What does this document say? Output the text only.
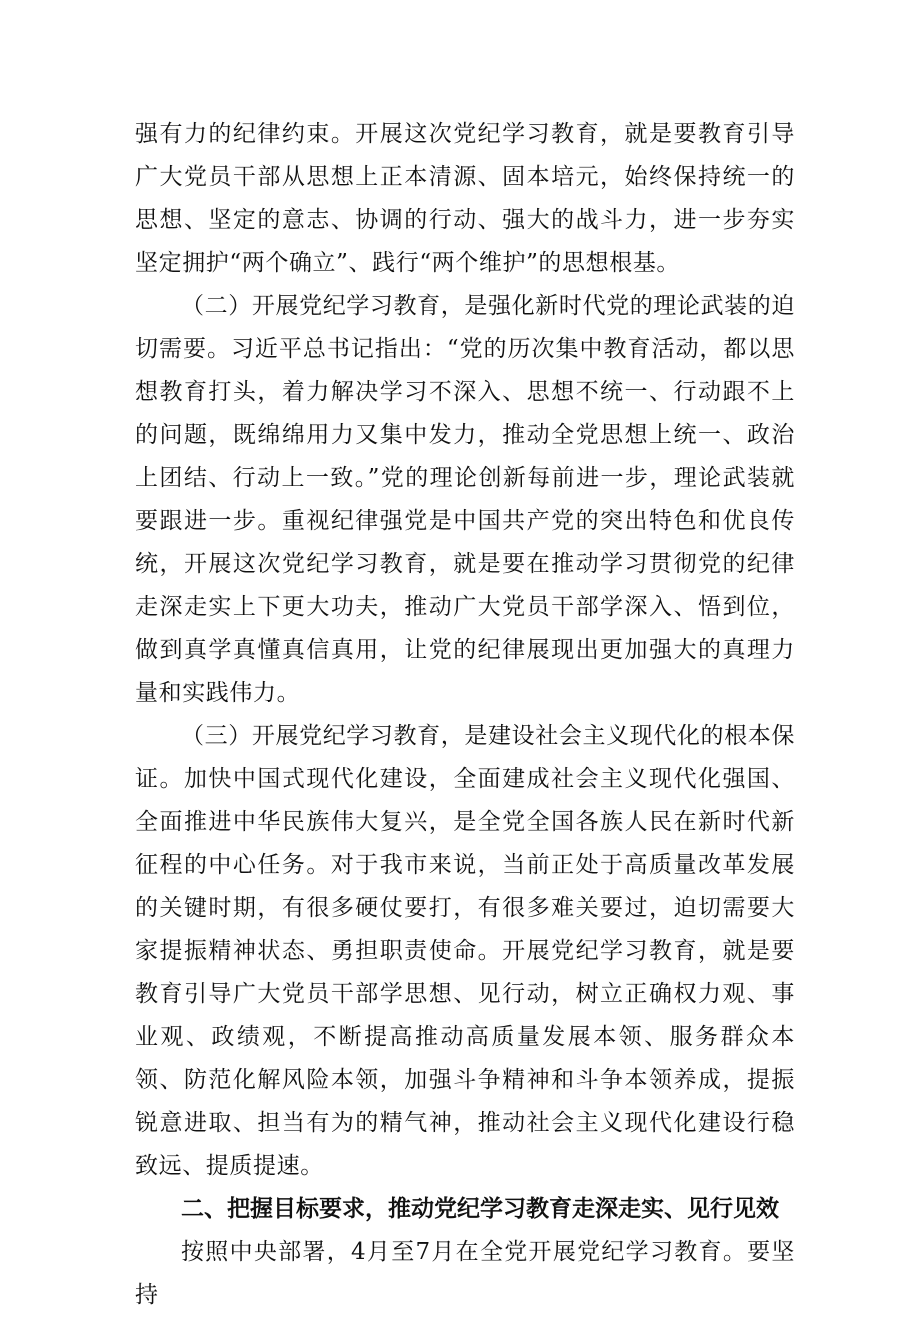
强有力的纪律约束。开展这次党纪学习教育，就是要教育引导广大党员干部从思想上正本清源、固本培元，始终保持统一的思想、坚定的意志、协调的行动、强大的战斗力，进一步夯实坚定拥护“两个确立”、践行“两个维护”的思想根基。

（二）开展党纪学习教育，是强化新时代党的理论武装的迫切需要。习近平总书记指出：“党的历次集中教育活动，都以思想教育打头，着力解决学习不深入、思想不统一、行动跟不上的问题，既绵绵用力又集中发力，推动全党思想上统一、政治上团结、行动上一致。”党的理论创新每前进一步，理论武装就要跟进一步。重视纪律强党是中国共产党的突出特色和优良传统，开展这次党纪学习教育，就是要在推动学习贯彻党的纪律走深走实上下更大功夫，推动广大党员干部学深入、悟到位，做到真学真懂真信真用，让党的纪律展现出更加强大的真理力量和实践伟力。

（三）开展党纪学习教育，是建设社会主义现代化的根本保证。加快中国式现代化建设，全面建成社会主义现代化强国、全面推进中华民族伟大复兴，是全党全国各族人民在新时代新征程的中心任务。对于我市来说，当前正处于高质量改革发展的关键时期，有很多硬仗要打，有很多难关要过，迫切需要大家提振精神状态、勇担职责使命。开展党纪学习教育，就是要教育引导广大党员干部学思想、见行动，树立正确权力观、事业观、政绩观，不断提高推动高质量发展本领、服务群众本领、防范化解风险本领，加强斗争精神和斗争本领养成，提振锐意进取、担当有为的精气神，推动社会主义现代化建设行稳致远、提质提速。

二、把握目标要求，推动党纪学习教育走深走实、见行见效

按照中央部署，4月至7月在全党开展党纪学习教育。要坚持
